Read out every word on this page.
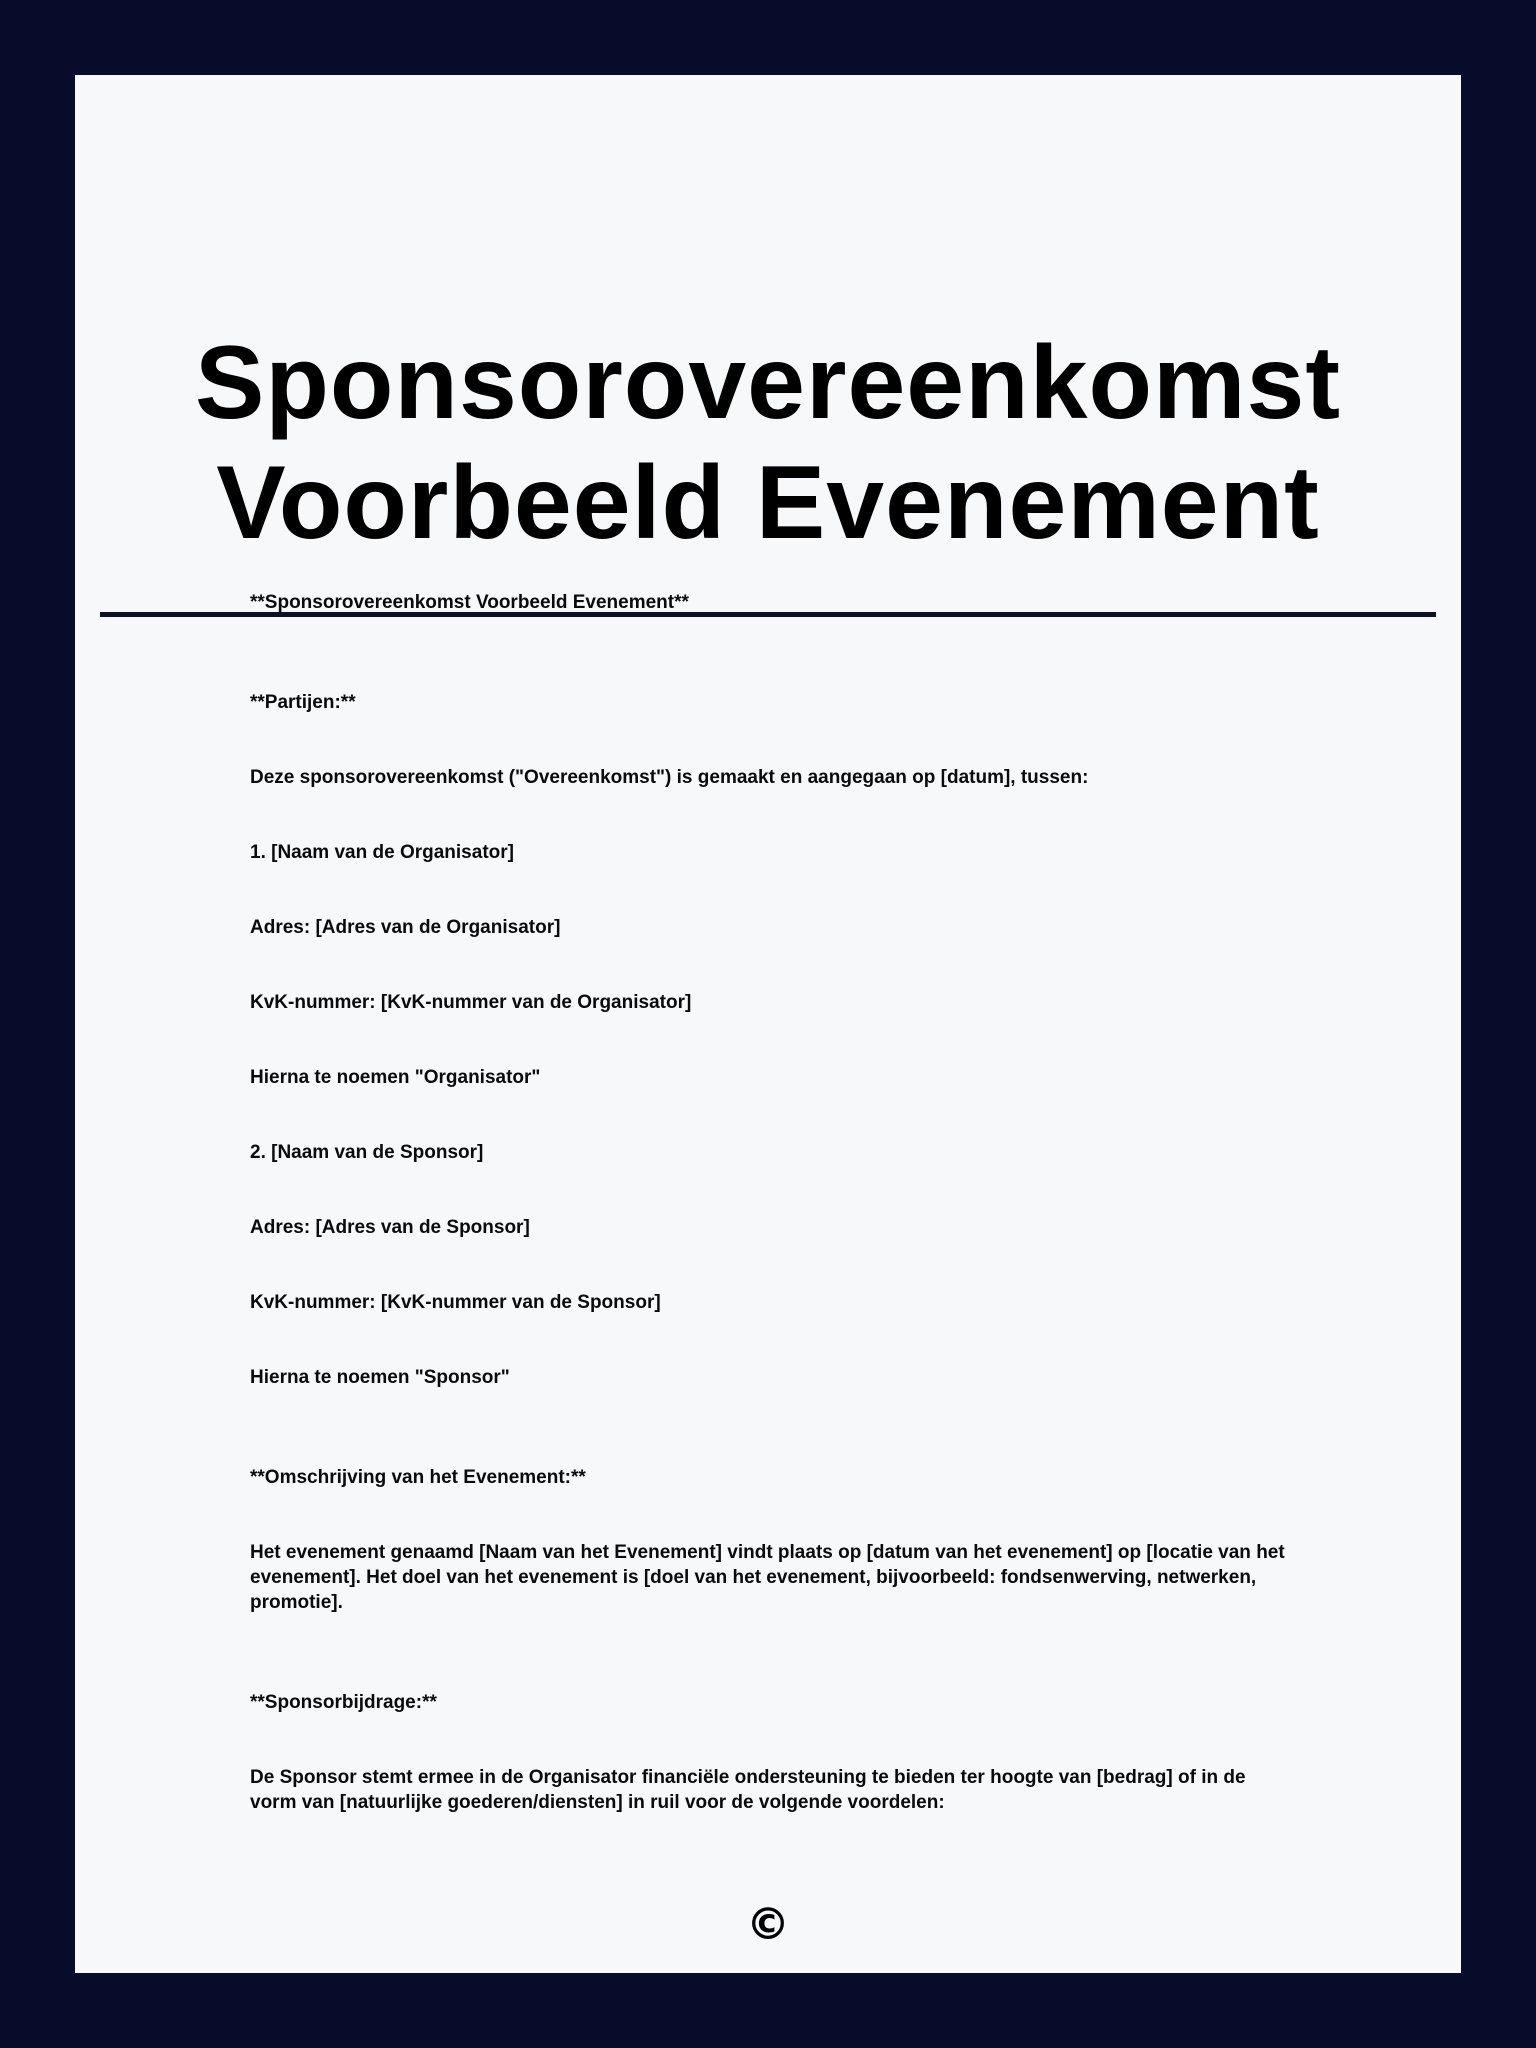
Sponsorovereenkomst
Voorbeeld Evenement

**Sponsorovereenkomst Voorbeeld Evenement**

**Partijen:**

Deze sponsorovereenkomst ("Overeenkomst") is gemaakt en aangegaan op [datum], tussen:

1. [Naam van de Organisator]

Adres: [Adres van de Organisator]

KvK-nummer: [KvK-nummer van de Organisator]

Hierna te noemen "Organisator"

2. [Naam van de Sponsor]

Adres: [Adres van de Sponsor]

KvK-nummer: [KvK-nummer van de Sponsor]

Hierna te noemen "Sponsor"

**Omschrijving van het Evenement:**

Het evenement genaamd [Naam van het Evenement] vindt plaats op [datum van het evenement] op [locatie van het evenement]. Het doel van het evenement is [doel van het evenement, bijvoorbeeld: fondsenwerving, netwerken, promotie].

**Sponsorbijdrage:**

De Sponsor stemt ermee in de Organisator financiële ondersteuning te bieden ter hoogte van [bedrag] of in de vorm van [natuurlijke goederen/diensten] in ruil voor de volgende voordelen:

©
